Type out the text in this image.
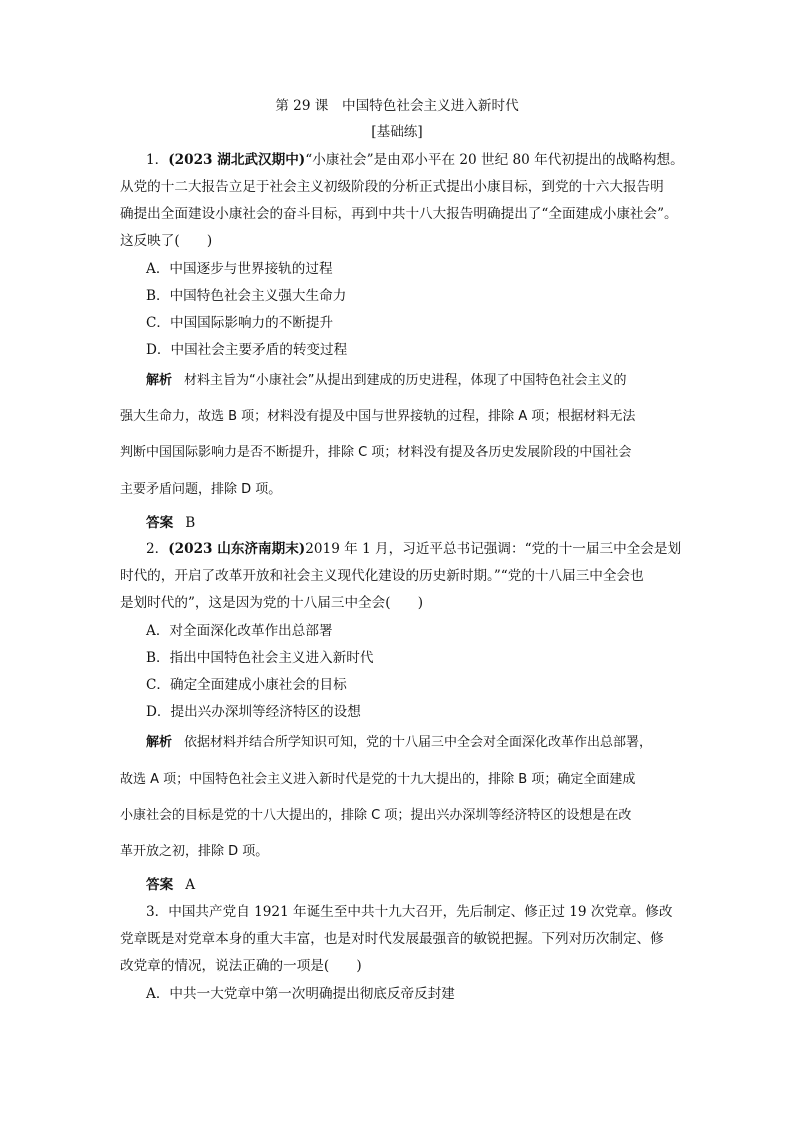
第 29 课　中国特色社会主义进入新时代
[基础练]
1．(2023 湖北武汉期中)“小康社会”是由邓小平在 20 世纪 80 年代初提出的战略构想。
从党的十二大报告立足于社会主义初级阶段的分析正式提出小康目标，到党的十六大报告明
确提出全面建设小康社会的奋斗目标，再到中共十八大报告明确提出了“全面建成小康社会”。
这反映了(　　)
A．中国逐步与世界接轨的过程
B．中国特色社会主义强大生命力
C．中国国际影响力的不断提升
D．中国社会主要矛盾的转变过程
解析 材料主旨为“小康社会”从提出到建成的历史进程，体现了中国特色社会主义的
强大生命力，故选 B 项；材料没有提及中国与世界接轨的过程，排除 A 项；根据材料无法
判断中国国际影响力是否不断提升，排除 C 项；材料没有提及各历史发展阶段的中国社会
主要矛盾问题，排除 D 项。
答案 B
2．(2023 山东济南期末)2019 年 1 月，习近平总书记强调：“党的十一届三中全会是划
时代的，开启了改革开放和社会主义现代化建设的历史新时期。”“党的十八届三中全会也
是划时代的”，这是因为党的十八届三中全会(　　)
A．对全面深化改革作出总部署
B．指出中国特色社会主义进入新时代
C．确定全面建成小康社会的目标
D．提出兴办深圳等经济特区的设想
解析 依据材料并结合所学知识可知，党的十八届三中全会对全面深化改革作出总部署，
故选 A 项；中国特色社会主义进入新时代是党的十九大提出的，排除 B 项；确定全面建成
小康社会的目标是党的十八大提出的，排除 C 项；提出兴办深圳等经济特区的设想是在改
革开放之初，排除 D 项。
答案 A
3．中国共产党自 1921 年诞生至中共十九大召开，先后制定、修正过 19 次党章。修改
党章既是对党章本身的重大丰富，也是对时代发展最强音的敏锐把握。下列对历次制定、修
改党章的情况，说法正确的一项是(　　)
A．中共一大党章中第一次明确提出彻底反帝反封建
